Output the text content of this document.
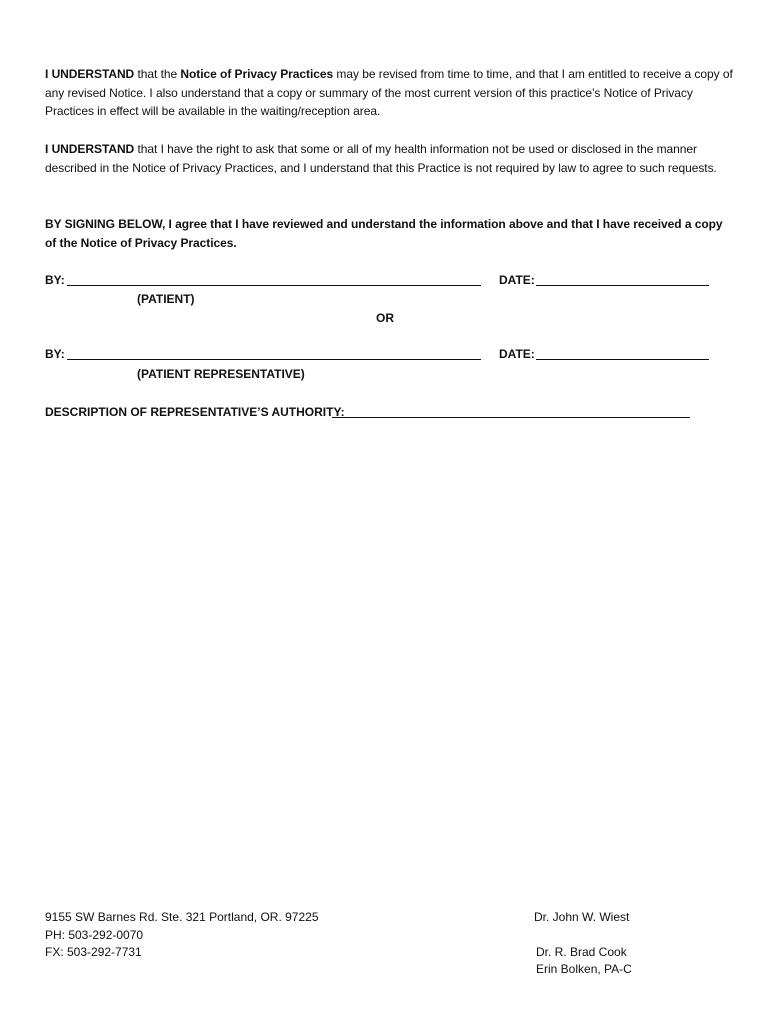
I UNDERSTAND that the Notice of Privacy Practices may be revised from time to time, and that I am entitled to receive a copy of any revised Notice. I also understand that a copy or summary of the most current version of this practice’s Notice of Privacy Practices in effect will be available in the waiting/reception area.
I UNDERSTAND that I have the right to ask that some or all of my health information not be used or disclosed in the manner described in the Notice of Privacy Practices, and I understand that this Practice is not required by law to agree to such requests.
BY SIGNING BELOW, I agree that I have reviewed and understand the information above and that I have received a copy of the Notice of Privacy Practices.
BY:	DATE:
(PATIENT)
OR
BY:	DATE:
(PATIENT REPRESENTATIVE)
DESCRIPTION OF REPRESENTATIVE’S AUTHORITY:
9155 SW Barnes Rd. Ste. 321 Portland, OR. 97225
PH: 503-292-0070
FX: 503-292-7731
Dr. John W. Wiest
Dr. R. Brad Cook
Erin Bolken, PA-C
